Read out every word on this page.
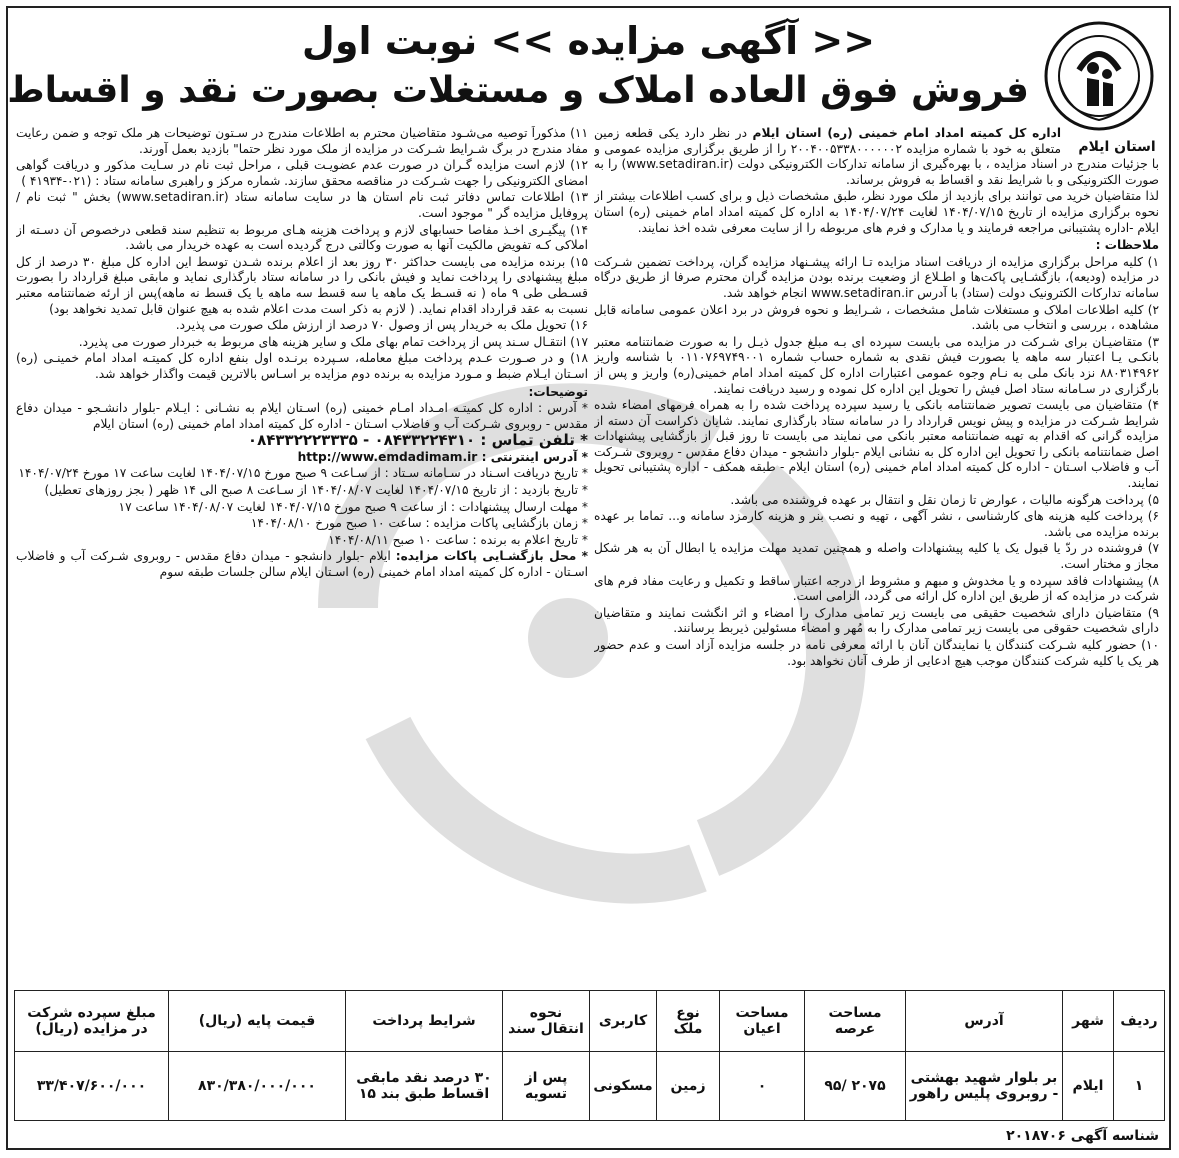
<< آگهی مزایده >> نوبت اول
فروش فوق العاده املاک و مستغلات بصورت نقد و اقساط
استان ایلام

اداره کل کمیته امداد امام خمینی (ره) استان ایلام در نظر دارد یکی قطعه زمین متعلق به خود با شماره مزایده ۲۰۰۴۰۰۵۳۳۸۰۰۰۰۰۰۲ را از طریق برگزاری مزایده عمومی و با جزئیات مندرج در اسناد مزایده ، با بهره‌گیری از سامانه تدارکات الکترونیکی دولت (www.setadiran.ir) را به صورت الکترونیکی و با شرایط نقد و اقساط به فروش برساند.

لذا متقاضیان خرید می توانند برای بازدید از ملک مورد نظر، طبق مشخصات ذیل و برای کسب اطلاعات بیشتر از نحوه برگزاری مزایده از تاریخ ۱۴۰۴/۰۷/۱۵ لغایت ۱۴۰۴/۰۷/۲۴ به اداره کل کمیته امداد امام خمینی (ره) استان ایلام -اداره پشتیبانی مراجعه فرمایند و یا مدارک و فرم های مربوطه را از سایت معرفی شده اخذ نمایند.

ملاحظات :

۱) کلیه مراحل برگزاری مزایده از دریافت اسناد مزایده تـا ارائه پیشـنهاد مزایده گران، پرداخت تضمین شـرکت در مزایده (ودیعه)، بازگشـایی پاکت‌ها و اطـلاع از وضعیت برنده بودن مزایده گران محترم صرفا از طریق درگاه سامانه تدارکات الکترونیک دولت (ستاد) با آدرس www.setadiran.ir انجام خواهد شد.

۲) کلیه اطلاعات املاک و مستغلات شامل مشخصات ، شـرایط و نحوه فروش در برد اعلان عمومی سامانه قابل مشاهده ، بررسی و انتخاب می باشد.

۳) متقاضیـان برای شـرکت در مزایده می بایست سپرده ای بـه مبلغ جدول ذیـل را به صورت ضمانتنامه معتبر بانکـی یـا اعتبار سه ماهه یا بصورت فیش نقدی به شماره حساب شماره ۰۱۱۰۷۶۹۷۴۹۰۰۱ با شناسه واریز ۸۸۰۳۱۴۹۶۲ نزد بانک ملی به نـام وجوه عمومی اعتبارات اداره کل کمیته امداد امام خمینی(ره) واریز و پس از بارگزاری در سـامانه ستاد اصل فیش را تحویل این اداره کل نموده و رسید دریافت نمایند.

۴) متقاضیان می بایست تصویر ضمانتنامه بانکی یا رسید سپرده پرداخت شده را به همراه فرمهای امضاء شده شرایط شـرکت در مزایده و پیش نویس قرارداد را در سامانه ستاد بارگذاری نمایند. شایان ذکراست آن دسته از مزایده گرانی که اقدام به تهیه ضمانتنامه معتبر بانکی می نمایند می بایست تا روز قبل از بازگشایی پیشنهادات اصل ضمانتنامه بانکی را تحویل این اداره کل به نشانی ایلام -بلوار دانشجو - میدان دفاع مقدس - روبروی شـرکت آب و فاضلاب اسـتان - اداره کل کمیته امداد امام خمینی (ره) استان ایلام - طبقه همکف - اداره پشتیبانی تحویل نمایند.

۵) پرداخت هرگونه مالیات ، عوارض تا زمان نقل و انتقال بر عهده فروشنده می باشد.

۶) پرداخت کلیه هزینه های کارشناسی ، نشر آگهی ، تهیه و نصب بنر و هزینه کارمزد سامانه و... تماما بر عهده برنده مزایده می باشد.

۷) فروشنده در ردّ یا قبول یک یا کلیه پیشنهادات واصله و همچنین تمدید مهلت مزایده یا ابطال آن به هر شکل مجاز و مختار است.

۸) پیشنهادات فاقد سپرده و یا مخدوش و مبهم و مشروط از درجه اعتبار ساقط و تکمیل و رعایت مفاد فرم های شرکت در مزایده که از طریق این اداره کل ارائه می گردد، الزامی است.

۹) متقاضیان دارای شخصیت حقیقی می بایست زیر تمامی مدارک را امضاء و اثر انگشت نمایند و متقاضیان دارای شخصیت حقوقی می بایست زیر تمامی مدارک را به مُهر و امضاء مسئولین ذیربط برسانند.

۱۰) حضور کلیه شـرکت کنندگان یا نمایندگان آنان با ارائه معرفی نامه در جلسه مزایده آزاد است و عدم حضور هر یک یا کلیه شرکت کنندگان موجب هیچ ادعایی از طرف آنان نخواهد بود.

۱۱) مذکوراً توصیه می‌شـود متقاضیان محترم به اطلاعات مندرج در سـتون توضیحات هر ملک توجه و ضمن رعایت مفاد مندرج در برگ شـرایط شـرکت در مزایده از ملک مورد نظر حتما" بازدید بعمل آورند.

۱۲) لازم است مزایده گـران در صورت عدم عضویـت قبلی ، مراحل ثبت نام در سـایت مذکور و دریافت گواهی امضای الکترونیکی را جهت شـرکت در مناقصه محقق سازند. شماره مرکز و راهبری سامانه ستاد : (۰۲۱-۴۱۹۳۴ )

۱۳) اطلاعات تماس دفاتر ثبت نام استان ها در سایت سامانه ستاد (www.setadiran.ir) بخش " ثبت نام / پروفایل مزایده گر " موجود است.

۱۴) پیگیـری اخـذ مفاصا حسابهای لازم و پرداخت هزینه هـای مربوط به تنظیم سند قطعی درخصوص آن دسـته از املاکی کـه تفویض مالکیت آنها به صورت وکالتی درج گردیده است به عهده خریدار می باشد.

۱۵) برنده مزایده می بایست حداکثر ۳۰ روز بعد از اعلام برنده شـدن توسط این اداره کل مبلغ ۳۰ درصد از کل مبلغ پیشنهادی را پرداخت نماید و فیش بانکی را در سامانه ستاد بارگذاری نماید و مابقی مبلغ قرارداد را بصورت قسـطی طی ۹ ماه ( نه قسـط یک ماهه یا سه قسط سه ماهه یا یک قسط نه ماهه)پس از ارئه ضمانتنامه معتبر نسبت به عقد قرارداد اقدام نماید. ( لازم به ذکر است مدت اعلام شده به هیچ عنوان قابل تمدید نخواهد بود)

۱۶) تحویل ملک به خریدار پس از وصول ۷۰ درصد از ارزش ملک صورت می پذیرد.

۱۷) انتقـال سـند پس از پرداخت تمام بهای ملک و سایر هزینه های مربوط به خبردار صورت می پذیرد.

۱۸) و در صـورت عـدم پرداخت مبلغ معامله، سـپرده برنـده اول بنفع اداره کل کمیتـه امداد امام خمینـی (ره) اسـتان ایـلام ضبط و مـورد مزایده به برنده دوم مزایده بر اسـاس بالاترین قیمت واگذار خواهد شد.

توضیحات:

* آدرس : اداره کل کمیتـه امـداد امـام خمینی (ره) اسـتان ایلام به نشـانی : ایـلام -بلوار دانشـجو - میدان دفاع مقدس - روبروی شـرکت آب و فاضلاب اسـتان - اداره کل کمیته امداد امام خمینی (ره) استان ایلام

* تلفن تماس : ۰۸۴۳۳۲۲۴۳۱۰ - ۰۸۴۳۳۲۲۲۳۳۳۵

* آدرس اینترنتی : http://www.emdadimam.ir

* تاریخ دریافت اسـناد در سـامانه سـتاد : از سـاعت ۹ صبح مورخ ۱۴۰۴/۰۷/۱۵ لغایت ساعت ۱۷ مورخ ۱۴۰۴/۰۷/۲۴

* تاریخ بازدید : از تاریخ ۱۴۰۴/۰۷/۱۵ لغایت ۱۴۰۴/۰۸/۰۷ از سـاعت ۸ صبح الی ۱۴ ظهر ( بجز روزهای تعطیل)

* مهلت ارسال پیشنهادات : از ساعت ۹ صبح مورخ ۱۴۰۴/۰۷/۱۵ لغایت ۱۴۰۴/۰۸/۰۷ ساعت ۱۷

* زمان بازگشایی پاکات مزایده : ساعت ۱۰ صبح مورخ ۱۴۰۴/۰۸/۱۰

* تاریخ اعلام به برنده : ساعت ۱۰ صبح ۱۴۰۴/۰۸/۱۱

* محل بازگشـایی پاکات مزایده: ایلام -بلوار دانشجو - میدان دفاع مقدس - روبروی شـرکت آب و فاضلاب اسـتان - اداره کل کمیته امداد امام خمینی (ره) اسـتان ایلام سالن جلسات طبقه سوم

ردیف	شهر	آدرس	مساحت عرصه	مساحت اعیان	نوع ملک	کاربری	نحوه انتقال سند	شرایط پرداخت	قیمت پایه (ریال)	مبلغ سپرده شرکت در مزایده (ریال)
۱	ایلام	بر بلوار شهید بهشتی - روبروی پلیس راهور	۲۰۷۵ /۹۵	۰	زمین	مسکونی	پس از تسویه	۳۰ درصد نقد مابقی اقساط طبق بند ۱۵	۸۳۰/۳۸۰/۰۰۰/۰۰۰	۳۳/۴۰۷/۶۰۰/۰۰۰
شناسه آگهی ۲۰۱۸۷۰۶
